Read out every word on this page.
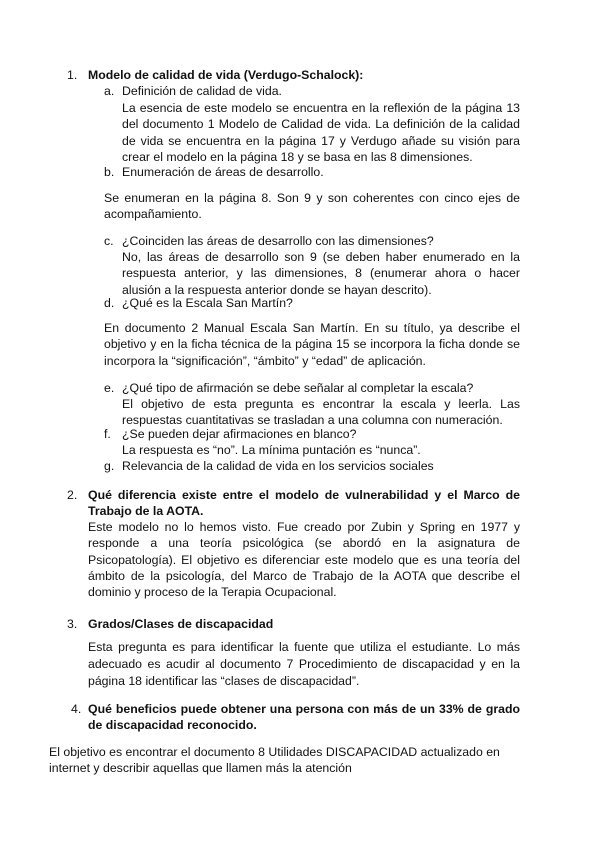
1. Modelo de calidad de vida (Verdugo-Schalock):

a. Definición de calidad de vida.

La esencia de este modelo se encuentra en la reflexión de la página 13 del documento 1 Modelo de Calidad de vida. La definición de la calidad de vida se encuentra en la página 17 y Verdugo añade su visión para crear el modelo en la página 18 y se basa en las 8 dimensiones.

b. Enumeración de áreas de desarrollo.

Se enumeran en la página 8. Son 9 y son coherentes con cinco ejes de acompañamiento.

c. ¿Coinciden las áreas de desarrollo con las dimensiones?

No, las áreas de desarrollo son 9 (se deben haber enumerado en la respuesta anterior, y las dimensiones, 8 (enumerar ahora o hacer alusión a la respuesta anterior donde se hayan descrito).

d. ¿Qué es la Escala San Martín?

En documento 2 Manual Escala San Martín. En su título, ya describe el objetivo y en la ficha técnica de la página 15 se incorpora la ficha donde se incorpora la “significación”, “ámbito” y “edad” de aplicación.

e. ¿Qué tipo de afirmación se debe señalar al completar la escala?

El objetivo de esta pregunta es encontrar la escala y leerla. Las respuestas cuantitativas se trasladan a una columna con numeración.

f. ¿Se pueden dejar afirmaciones en blanco?

La respuesta es “no”. La mínima puntación es “nunca”.

g. Relevancia de la calidad de vida en los servicios sociales

2. Qué diferencia existe entre el modelo de vulnerabilidad y el Marco de Trabajo de la AOTA.

Este modelo no lo hemos visto. Fue creado por Zubin y Spring en 1977 y responde a una teoría psicológica (se abordó en la asignatura de Psicopatología). El objetivo es diferenciar este modelo que es una teoría del ámbito de la psicología, del Marco de Trabajo de la AOTA que describe el dominio y proceso de la Terapia Ocupacional.

3. Grados/Clases de discapacidad

Esta pregunta es para identificar la fuente que utiliza el estudiante. Lo más adecuado es acudir al documento 7 Procedimiento de discapacidad y en la página 18 identificar las “clases de discapacidad”.

4. Qué beneficios puede obtener una persona con más de un 33% de grado de discapacidad reconocido.

El objetivo es encontrar el documento 8 Utilidades DISCAPACIDAD actualizado en internet y describir aquellas que llamen más la atención
